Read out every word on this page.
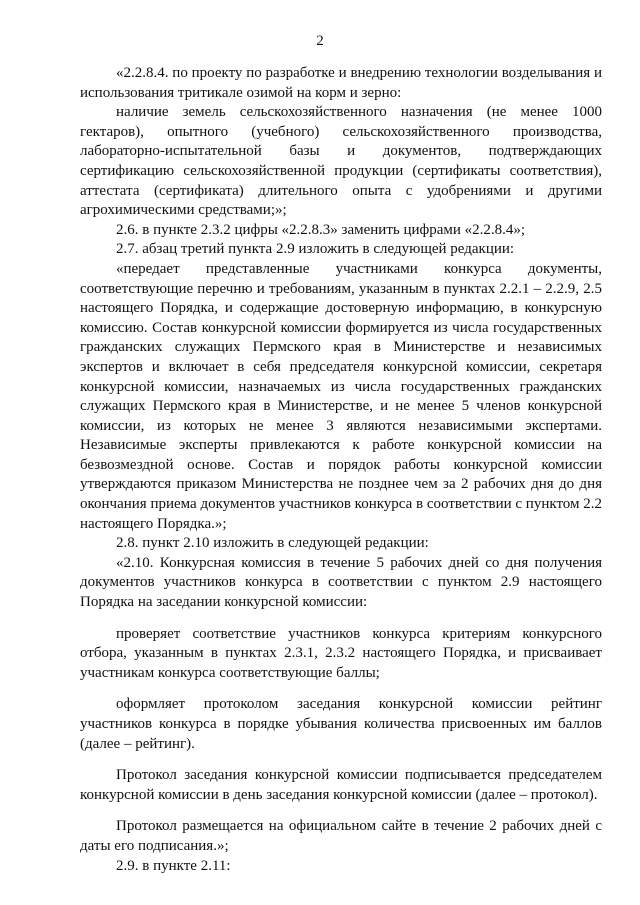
2

«2.2.8.4. по проекту по разработке и внедрению технологии возделывания и использования тритикале озимой на корм и зерно:

наличие земель сельскохозяйственного назначения (не менее 1000 гектаров), опытного (учебного) сельскохозяйственного производства, лабораторно-испытательной базы и документов, подтверждающих сертификацию сельскохозяйственной продукции (сертификаты соответствия), аттестата (сертификата) длительного опыта с удобрениями и другими агрохимическими средствами;»;

2.6. в пункте 2.3.2 цифры «2.2.8.3» заменить цифрами «2.2.8.4»;

2.7. абзац третий пункта 2.9 изложить в следующей редакции:

«передает представленные участниками конкурса документы, соответствующие перечню и требованиям, указанным в пунктах 2.2.1 – 2.2.9, 2.5 настоящего Порядка, и содержащие достоверную информацию, в конкурсную комиссию. Состав конкурсной комиссии формируется из числа государственных гражданских служащих Пермского края в Министерстве и независимых экспертов и включает в себя председателя конкурсной комиссии, секретаря конкурсной комиссии, назначаемых из числа государственных гражданских служащих Пермского края в Министерстве, и не менее 5 членов конкурсной комиссии, из которых не менее 3 являются независимыми экспертами. Независимые эксперты привлекаются к работе конкурсной комиссии на безвозмездной основе. Состав и порядок работы конкурсной комиссии утверждаются приказом Министерства не позднее чем за 2 рабочих дня до дня окончания приема документов участников конкурса в соответствии с пунктом 2.2 настоящего Порядка.»;

2.8. пункт 2.10 изложить в следующей редакции:

«2.10. Конкурсная комиссия в течение 5 рабочих дней со дня получения документов участников конкурса в соответствии с пунктом 2.9 настоящего Порядка на заседании конкурсной комиссии:

проверяет соответствие участников конкурса критериям конкурсного отбора, указанным в пунктах 2.3.1, 2.3.2 настоящего Порядка, и присваивает участникам конкурса соответствующие баллы;

оформляет протоколом заседания конкурсной комиссии рейтинг участников конкурса в порядке убывания количества присвоенных им баллов (далее – рейтинг).

Протокол заседания конкурсной комиссии подписывается председателем конкурсной комиссии в день заседания конкурсной комиссии (далее – протокол).

Протокол размещается на официальном сайте в течение 2 рабочих дней с даты его подписания.»;

2.9. в пункте 2.11:
